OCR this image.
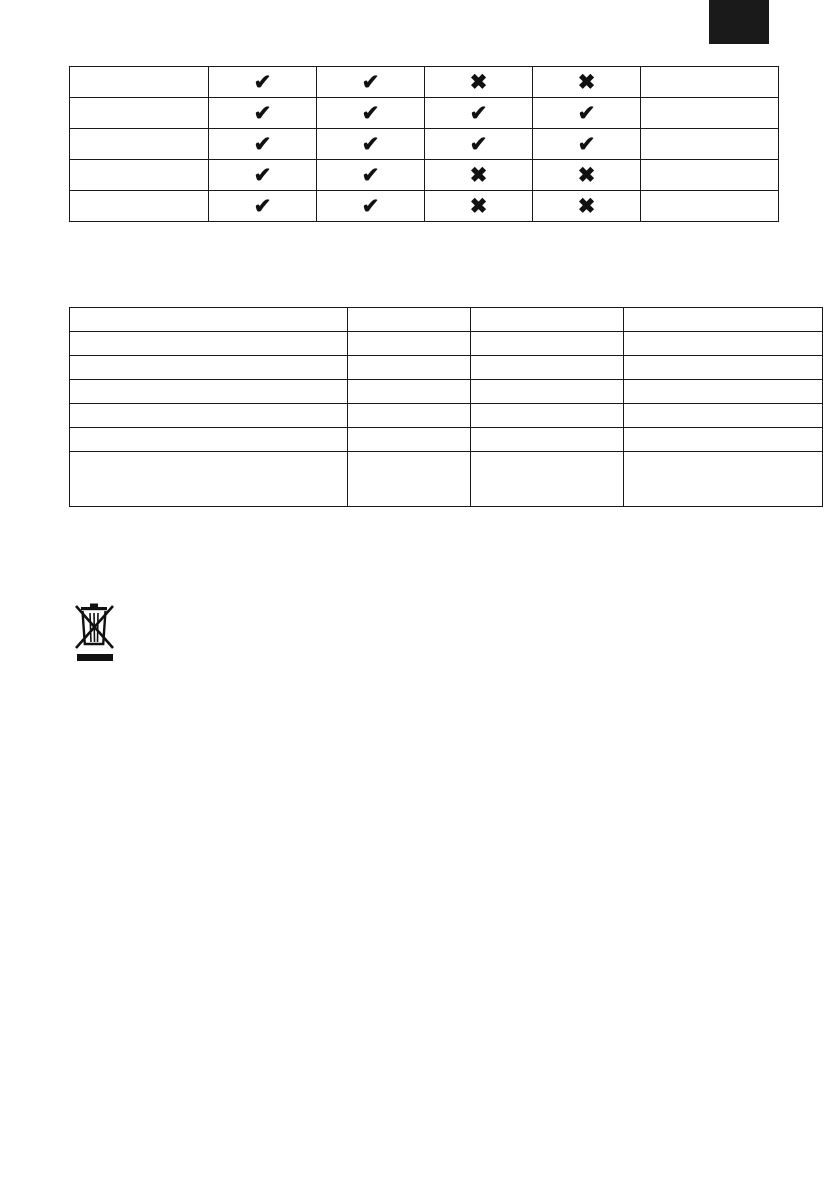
	✔	✔	✖	✖	
	✔	✔	✔	✔	
	✔	✔	✔	✔	
	✔	✔	✖	✖	
	✔	✔	✖	✖	
